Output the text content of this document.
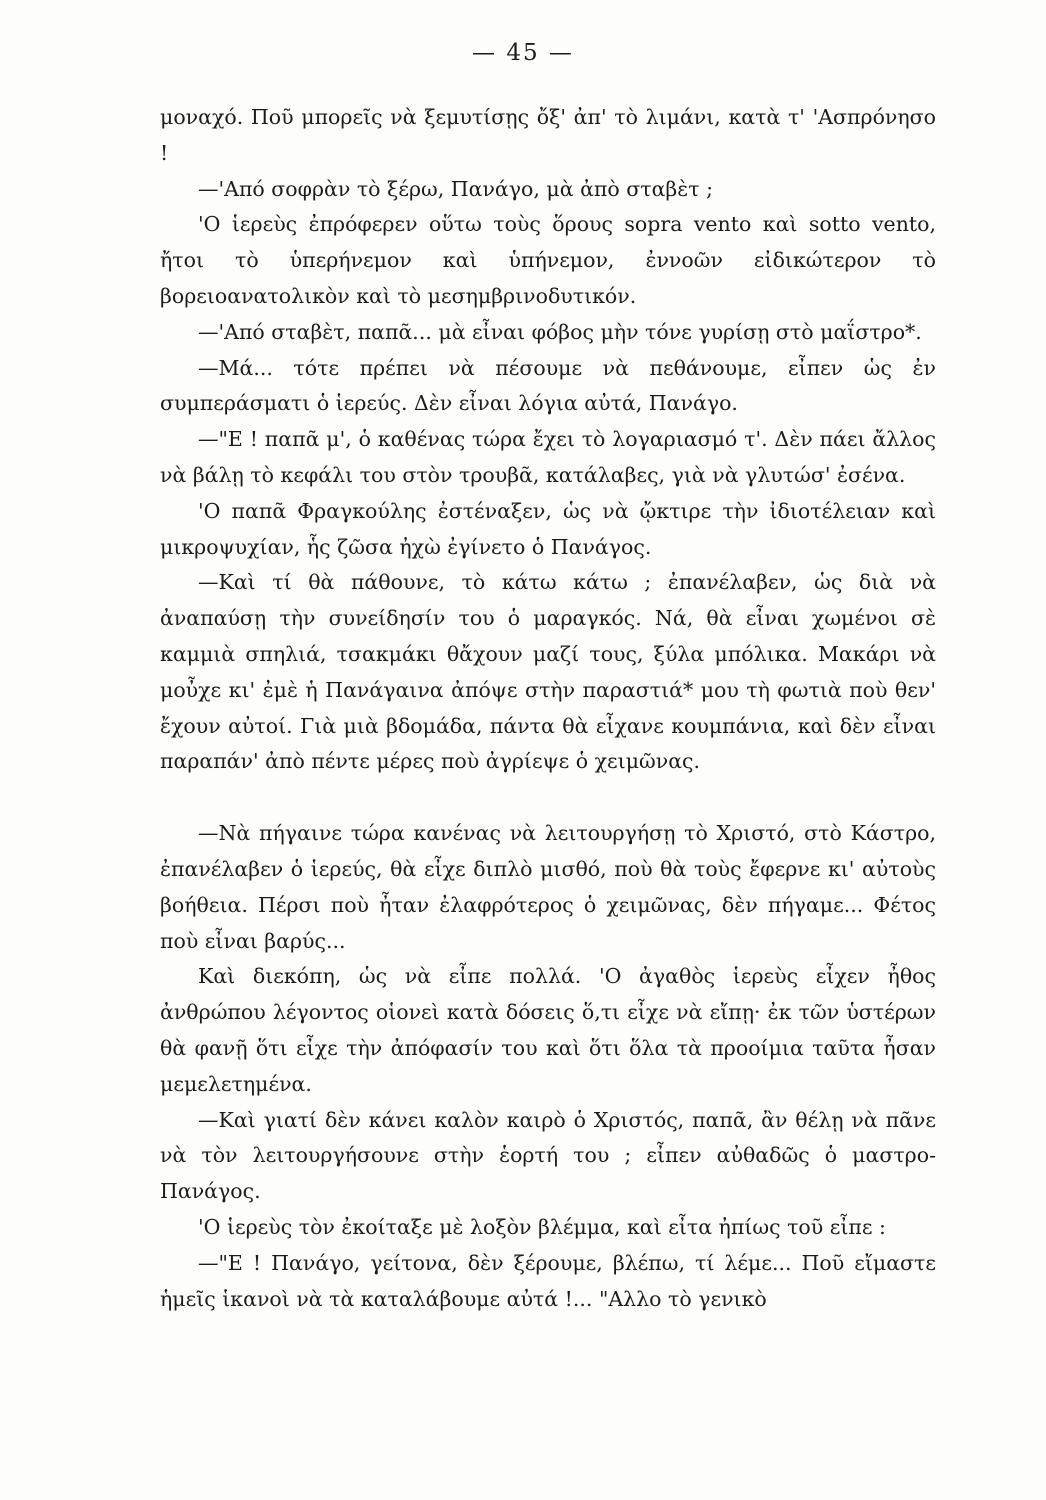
— 45 —

μοναχό. Ποῦ μπορεῖς νὰ ξεμυτίσῃς ὄξ' ἀπ' τὸ λιμάνι, κατὰ τ' 'Ασπρόνησο !

—'Από σοφρὰν τὸ ξέρω, Πανάγο, μὰ ἀπὸ σταβὲτ ;

'Ο ἱερεὺς ἐπρόφερεν οὕτω τοὺς ὅρους sopra vento καὶ sotto vento, ἤτοι τὸ ὑπερήνεμον καὶ ὑπήνεμον, ἐννοῶν εἰδικώτερον τὸ βορειοανατολικὸν καὶ τὸ μεσημβρινοδυτικόν.

—'Από σταβὲτ, παπᾶ... μὰ εἶναι φόβος μὴν τόνε γυρίσῃ στὸ μαΐστρο*.

—Μά... τότε πρέπει νὰ πέσουμε νὰ πεθάνουμε, εἶπεν ὡς ἐν συμπεράσματι ὁ ἱερεύς. Δὲν εἶναι λόγια αὐτά, Πανάγο.

—"Ε ! παπᾶ μ', ὁ καθένας τώρα ἔχει τὸ λογαριασμό τ'. Δὲν πάει ἄλλος νὰ βάλῃ τὸ κεφάλι του στὸν τρουβᾶ, κατάλαβες, γιὰ νὰ γλυτώσ' ἐσένα.

'Ο παπᾶ Φραγκούλης ἐστέναξεν, ὡς νὰ ᾤκτιρε τὴν ἰδιοτέλειαν καὶ μικροψυχίαν, ἧς ζῶσα ἠχὼ ἐγίνετο ὁ Πανάγος.

—Καὶ τί θὰ πάθουνε, τὸ κάτω κάτω ; ἐπανέλαβεν, ὡς διὰ νὰ ἀναπαύσῃ τὴν συνείδησίν του ὁ μαραγκός. Νά, θὰ εἶναι χωμένοι σὲ καμμιὰ σπηλιά, τσακμάκι θἄχουν μαζί τους, ξύλα μπόλικα. Μακάρι νὰ μοὖχε κι' ἐμὲ ἡ Πανάγαινα ἀπόψε στὴν παραστιά* μου τὴ φωτιὰ ποὺ θεν' ἔχουν αὐτοί. Γιὰ μιὰ βδομάδα, πάντα θὰ εἶχανε κουμπάνια, καὶ δὲν εἶναι παραπάν' ἀπὸ πέντε μέρες ποὺ ἀγρίεψε ὁ χειμῶνας.

—Νὰ πήγαινε τώρα κανένας νὰ λειτουργήσῃ τὸ Χριστό, στὸ Κάστρο, ἐπανέλαβεν ὁ ἱερεύς, θὰ εἶχε διπλὸ μισθό, ποὺ θὰ τοὺς ἔφερνε κι' αὐτοὺς βοήθεια. Πέρσι ποὺ ἦταν ἐλαφρότερος ὁ χειμῶνας, δὲν πήγαμε... Φέτος ποὺ εἶναι βαρύς...

Καὶ διεκόπη, ὡς νὰ εἶπε πολλά. 'Ο ἀγαθὸς ἱερεὺς εἶχεν ἦθος ἀνθρώπου λέγοντος οἱονεὶ κατὰ δόσεις ὅ,τι εἶχε νὰ εἴπῃ· ἐκ τῶν ὑστέρων θὰ φανῇ ὅτι εἶχε τὴν ἀπόφασίν του καὶ ὅτι ὅλα τὰ προοίμια ταῦτα ἦσαν μεμελετημένα.

—Καὶ γιατί δὲν κάνει καλὸν καιρὸ ὁ Χριστός, παπᾶ, ἂν θέλῃ νὰ πᾶνε νὰ τὸν λειτουργήσουνε στὴν ἑορτή του ; εἶπεν αὐθαδῶς ὁ μαστρο-Πανάγος.

'Ο ἱερεὺς τὸν ἐκοίταξε μὲ λοξὸν βλέμμα, καὶ εἶτα ἠπίως τοῦ εἶπε :

—"Ε ! Πανάγο, γείτονα, δὲν ξέρουμε, βλέπω, τί λέμε... Ποῦ εἴμαστε ἡμεῖς ἱκανοὶ νὰ τὰ καταλάβουμε αὐτά !... "Αλλο τὸ γενικὸ
